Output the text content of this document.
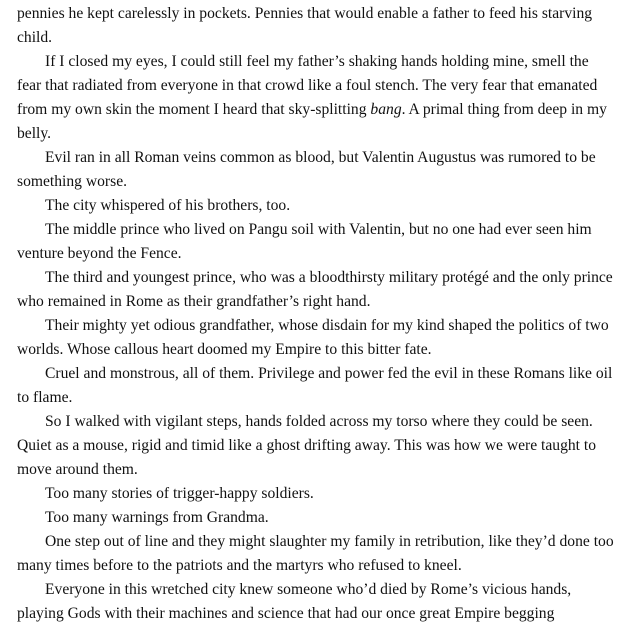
pennies he kept carelessly in pockets. Pennies that would enable a father to feed his starving child.

If I closed my eyes, I could still feel my father’s shaking hands holding mine, smell the fear that radiated from everyone in that crowd like a foul stench. The very fear that emanated from my own skin the moment I heard that sky-splitting bang. A primal thing from deep in my belly.

Evil ran in all Roman veins common as blood, but Valentin Augustus was rumored to be something worse.

The city whispered of his brothers, too.

The middle prince who lived on Pangu soil with Valentin, but no one had ever seen him venture beyond the Fence.

The third and youngest prince, who was a bloodthirsty military protégé and the only prince who remained in Rome as their grandfather’s right hand.

Their mighty yet odious grandfather, whose disdain for my kind shaped the politics of two worlds. Whose callous heart doomed my Empire to this bitter fate.

Cruel and monstrous, all of them. Privilege and power fed the evil in these Romans like oil to flame.

So I walked with vigilant steps, hands folded across my torso where they could be seen. Quiet as a mouse, rigid and timid like a ghost drifting away. This was how we were taught to move around them.

Too many stories of trigger-happy soldiers.

Too many warnings from Grandma.

One step out of line and they might slaughter my family in retribution, like they’d done too many times before to the patriots and the martyrs who refused to kneel.

Everyone in this wretched city knew someone who’d died by Rome’s vicious hands, playing Gods with their machines and science that had our once great Empire begging
